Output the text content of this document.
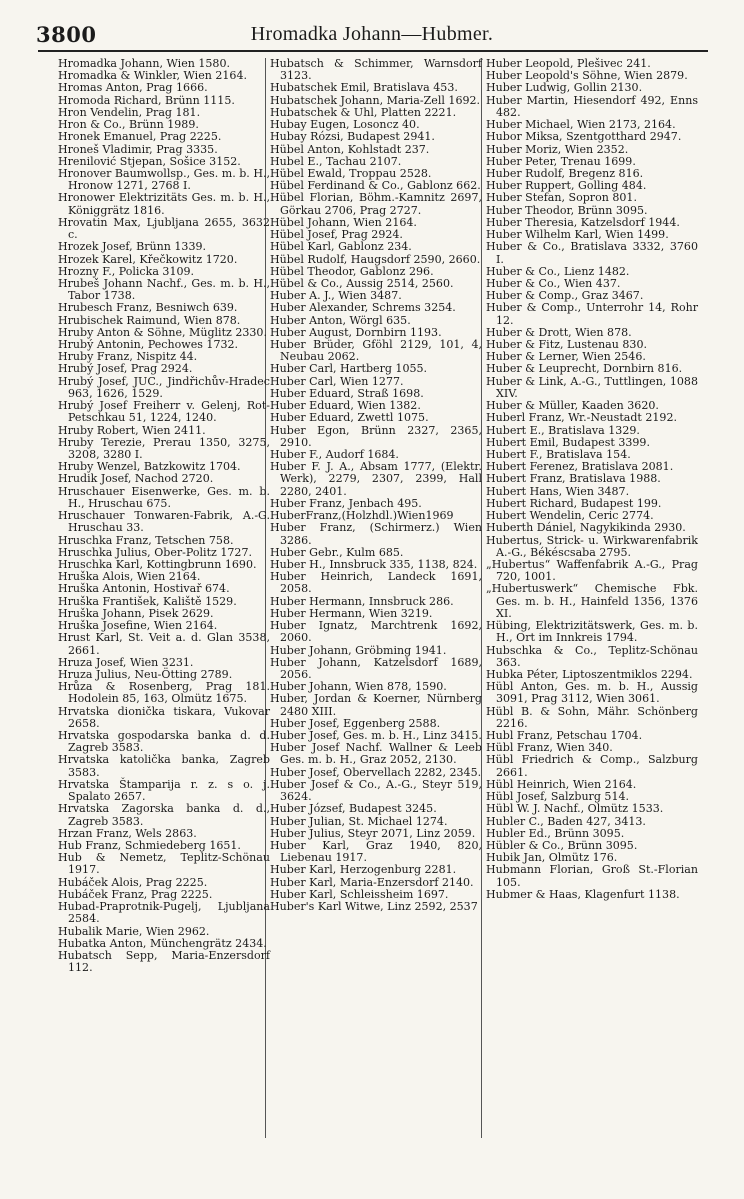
3800	Hromadka Johann—Hubmer.
Hromadka Johann, Wien 1580.
Hromadka & Winkler, Wien 2164.
Hromas Anton, Prag 1666.
Hromoda Richard, Brünn 1115.
Hron Vendelin, Prag 181.
Hron & Co., Brünn 1989.
Hronek Emanuel, Prag 2225.
Hroneš Vladimir, Prag 3335.
Hrenilović Stjepan, Sošice 3152.
Hronover Baumwollsp., Ges. m. b. H., Hronow 1271, 2768 I.
Hronower Elektrizitäts Ges. m. b. H., Königgrätz 1816.
Hrovatin Max, Ljubljana 2655, 3632 c.
Hrozek Josef, Brünn 1339.
Hrozek Karel, Křečkowitz 1720.
Hrozny F., Policka 3109.
Hrubeš Johann Nachf., Ges. m. b. H., Tabor 1738.
Hrubesch Franz, Besniwch 639.
Hrubischek Raimund, Wien 878.
Hruby Anton & Söhne, Müglitz 2330.
Hrubý Antonin, Pechowes 1732.
Hruby Franz, Nispitz 44.
Hrubý Josef, Prag 2924.
Hrubý Josef, JUC., Jindřichův-Hradec 963, 1626, 1529.
Hrubý Josef Freiherr v. Gelenj, Rot-Petschkau 51, 1224, 1240.
Hruby Robert, Wien 2411.
Hruby Terezie, Prerau 1350, 3275, 3208, 3280 I.
Hruby Wenzel, Batzkowitz 1704.
Hrudik Josef, Nachod 2720.
Hruschauer Eisenwerke, Ges. m. b. H., Hruschau 675.
Hruschauer Tonwaren-Fabrik, A.-G. Hruschau 33.
Hruschka Franz, Tetschen 758.
Hruschka Julius, Ober-Politz 1727.
Hruschka Karl, Kottingbrunn 1690.
Hruška Alois, Wien 2164.
Hruška Antonin, Hostivař 674.
Hruška František, Kaliště 1529.
Hruška Johann, Pisek 2629.
Hruška Josefine, Wien 2164.
Hrust Karl, St. Veit a. d. Glan 3538, 2661.
Hruza Josef, Wien 3231.
Hruza Julius, Neu-Ötting 2789.
Hrůza & Rosenberg, Prag 181. Hodolein 85, 163, Olmütz 1675.
Hrvatska dionička tiskara, Vukovar 2658.
Hrvatska gospodarska banka d. d. Zagreb 3583.
Hrvatska katolička banka, Zagreb 3583.
Hrvatska Štamparija r. z. s o. j. Spalato 2657.
Hrvatska Zagorska banka d. d., Zagreb 3583.
Hrzan Franz, Wels 2863.
Hub Franz, Schmiedeberg 1651.
Hub & Nemetz, Teplitz-Schönau 1917.
Hubáček Alois, Prag 2225.
Hubáček Franz, Prag 2225.
Hubad-Praprotnik-Pugelj, Ljubljana 2584.
Hubalik Marie, Wien 2962.
Hubatka Anton, Münchengrätz 2434.
Hubatsch Sepp, Maria-Enzersdorf 112.
Hubatsch & Schimmer, Warnsdorf 3123.
Hubatschek Emil, Bratislava 453.
Hubatschek Johann, Maria-Zell 1692.
Hubatschek & Uhl, Platten 2221.
Hubay Eugen, Losoncz 40.
Hubay Rózsi, Budapest 2941.
Hübel Anton, Kohlstadt 237.
Hubel E., Tachau 2107.
Hübel Ewald, Troppau 2528.
Hübel Ferdinand & Co., Gablonz 662.
Hübel Florian, Böhm.-Kamnitz 2697, Görkau 2706, Prag 2727.
Hübel Johann, Wien 2164.
Hübel Josef, Prag 2924.
Hübel Karl, Gablonz 234.
Hübel Rudolf, Haugsdorf 2590, 2660.
Hübel Theodor, Gablonz 296.
Hübel & Co., Aussig 2514, 2560.
Huber A. J., Wien 3487.
Huber Alexander, Schrems 3254.
Huber Anton, Wörgl 635.
Huber August, Dornbirn 1193.
Huber Brüder, Gföhl 2129, 101, 4, Neubau 2062.
Huber Carl, Hartberg 1055.
Huber Carl, Wien 1277.
Huber Eduard, Straß 1698.
Huber Eduard, Wien 1382.
Huber Eduard, Zwettl 1075.
Huber Egon, Brünn 2327, 2365, 2910.
Huber F., Audorf 1684.
Huber F. J. A., Absam 1777, (Elektr. Werk), 2279, 2307, 2399, Hall 2280, 2401.
Huber Franz, Jenbach 495.
HuberFranz,(Holzhdl.)Wien1969
Huber Franz, (Schirmerz.) Wien 3286.
Huber Gebr., Kulm 685.
Huber H., Innsbruck 335, 1138, 824.
Huber Heinrich, Landeck 1691, 2058.
Huber Hermann, Innsbruck 286.
Huber Hermann, Wien 3219.
Huber Ignatz, Marchtrenk 1692, 2060.
Huber Johann, Gröbming 1941.
Huber Johann, Katzelsdorf 1689, 2056.
Huber Johann, Wien 878, 1590.
Huber, Jordan & Koerner, Nürnberg 2480 XIII.
Huber Josef, Eggenberg 2588.
Huber Josef, Ges. m. b. H., Linz 3415.
Huber Josef Nachf. Wallner & Leeb Ges. m. b. H., Graz 2052, 2130.
Huber Josef, Obervellach 2282, 2345.
Huber Josef & Co., A.-G., Steyr 519, 3624.
Huber József, Budapest 3245.
Huber Julian, St. Michael 1274.
Huber Julius, Steyr 2071, Linz 2059.
Huber Karl, Graz 1940, 820, Liebenau 1917.
Huber Karl, Herzogenburg 2281.
Huber Karl, Maria-Enzersdorf 2140.
Huber Karl, Schleissheim 1697.
Huber's Karl Witwe, Linz 2592, 2537
Huber Leopold, Plešivec 241.
Huber Leopold's Söhne, Wien 2879.
Huber Ludwig, Gollin 2130.
Huber Martin, Hiesendorf 492, Enns 482.
Huber Michael, Wien 2173, 2164.
Hubor Miksa, Szentgotthard 2947.
Huber Moriz, Wien 2352.
Huber Peter, Trenau 1699.
Huber Rudolf, Bregenz 816.
Huber Ruppert, Golling 484.
Huber Stefan, Sopron 801.
Huber Theodor, Brünn 3095.
Huber Theresia, Katzelsdorf 1944.
Huber Wilhelm Karl, Wien 1499.
Huber & Co., Bratislava 3332, 3760 I.
Huber & Co., Lienz 1482.
Huber & Co., Wien 437.
Huber & Comp., Graz 3467.
Huber & Comp., Unterrohr 14, Rohr 12.
Huber & Drott, Wien 878.
Huber & Fitz, Lustenau 830.
Huber & Lerner, Wien 2546.
Huber & Leuprecht, Dornbirn 816.
Huber & Link, A.-G., Tuttlingen, 1088 XIV.
Huber & Müller, Kaaden 3620.
Huberl Franz, Wr.-Neustadt 2192.
Hubert E., Bratislava 1329.
Hubert Emil, Budapest 3399.
Hubert F., Bratislava 154.
Hubert Ferenez, Bratislava 2081.
Hubert Franz, Bratislava 1988.
Hubert Hans, Wien 3487.
Hubert Richard, Budapest 199.
Hubert Wendelin, Ceric 2774.
Huberth Dániel, Nagykikinda 2930.
Hubertus, Strick- u. Wirkwarenfabrik A.-G., Békéscsaba 2795.
„Hubertus“ Waffenfabrik A.-G., Prag 720, 1001.
„Hubertuswerk“ Chemische Fbk. Ges. m. b. H., Hainfeld 1356, 1376 XI.
Hübing, Elektrizitätswerk, Ges. m. b. H., Ort im Innkreis 1794.
Hubschka & Co., Teplitz-Schönau 363.
Hubka Péter, Liptoszentmiklos 2294.
Hübl Anton, Ges. m. b. H., Aussig 3091, Prag 3112, Wien 3061.
Hübl B. & Sohn, Mähr. Schönberg 2216.
Hubl Franz, Petschau 1704.
Hübl Franz, Wien 340.
Hübl Friedrich & Comp., Salzburg 2661.
Hübl Heinrich, Wien 2164.
Hübl Josef, Salzburg 514.
Hübl W. J. Nachf., Olmütz 1533.
Hubler C., Baden 427, 3413.
Hubler Ed., Brünn 3095.
Hübler & Co., Brünn 3095.
Hubik Jan, Olmütz 176.
Hubmann Florian, Groß St.-Florian 105.
Hubmer & Haas, Klagenfurt 1138.
